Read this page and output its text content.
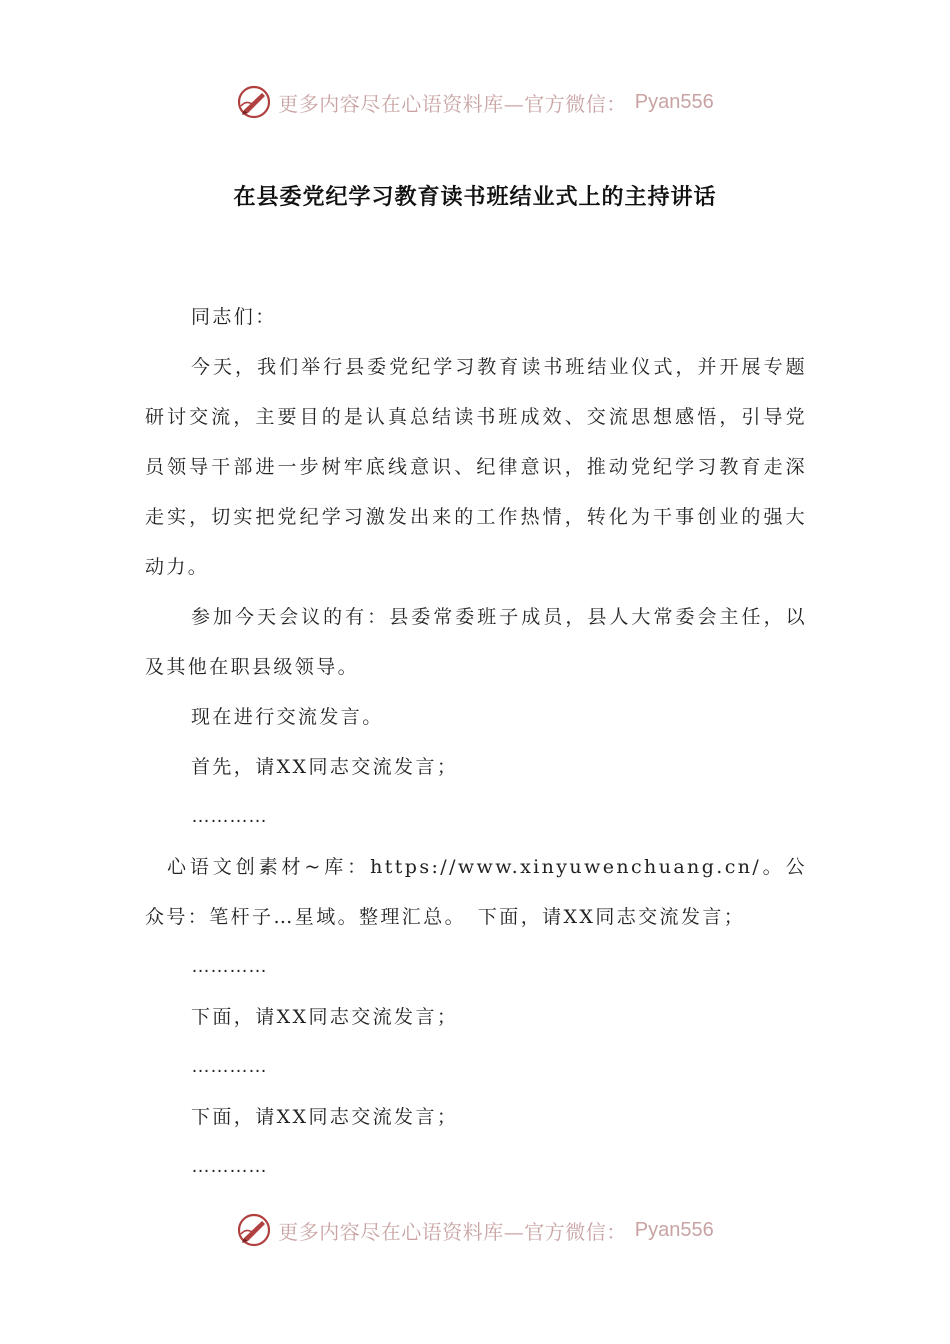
更多内容尽在心语资料库—官方微信： Pyan556
在县委党纪学习教育读书班结业式上的主持讲话

同志们：

今天，我们举行县委党纪学习教育读书班结业仪式，并开展专题研讨交流，主要目的是认真总结读书班成效、交流思想感悟，引导党员领导干部进一步树牢底线意识、纪律意识，推动党纪学习教育走深走实，切实把党纪学习激发出来的工作热情，转化为干事创业的强大动力。

参加今天会议的有：县委常委班子成员，县人大常委会主任，以及其他在职县级领导。

现在进行交流发言。

首先，请XX同志交流发言；

…………

心语文创素材~库：https://www.xinyuwenchuang.cn/。公众号：笔杆子…星域。整理汇总。　下面，请XX同志交流发言；

…………

下面，请XX同志交流发言；

…………

下面，请XX同志交流发言；

…………

更多内容尽在心语资料库—官方微信： Pyan556
